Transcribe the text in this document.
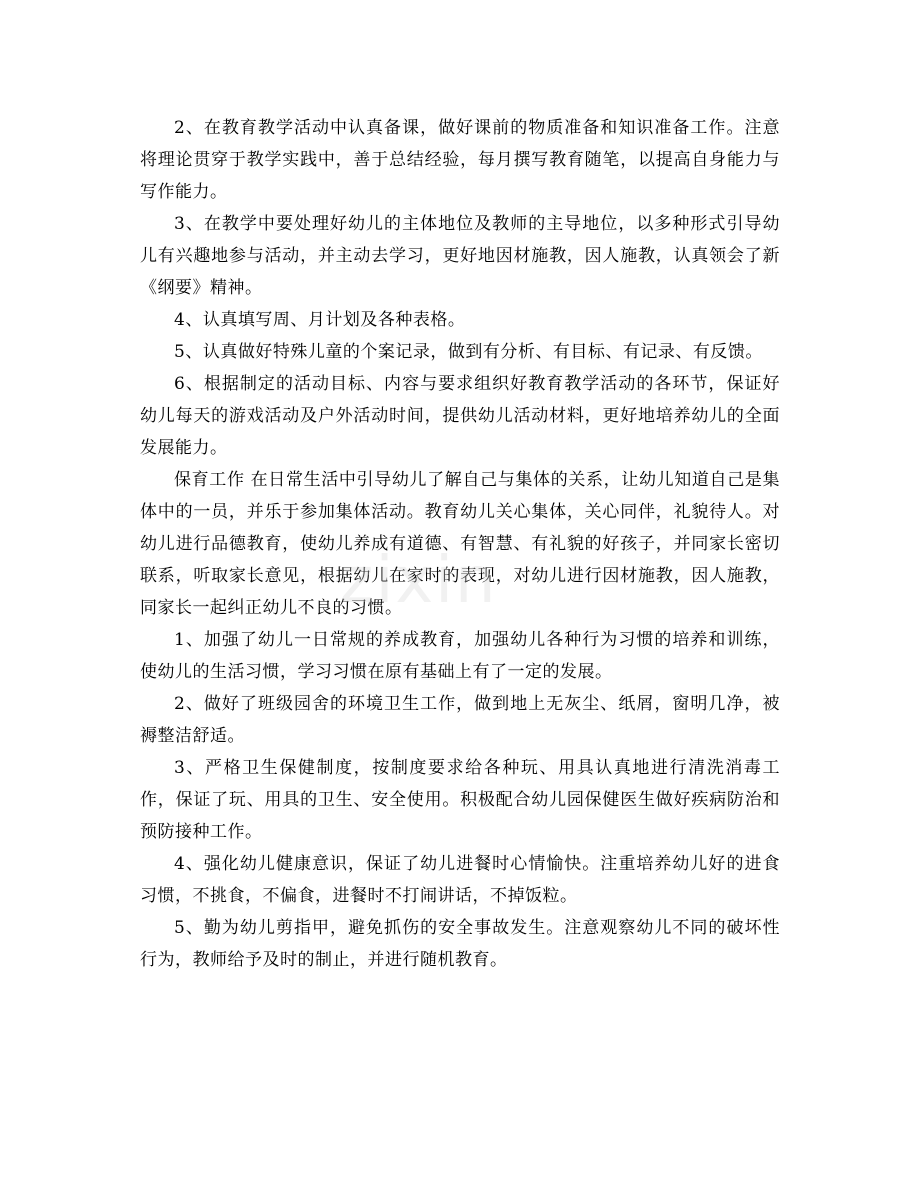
2、在教育教学活动中认真备课，做好课前的物质准备和知识准备工作。注意将理论贯穿于教学实践中，善于总结经验，每月撰写教育随笔，以提高自身能力与写作能力。

3、在教学中要处理好幼儿的主体地位及教师的主导地位，以多种形式引导幼儿有兴趣地参与活动，并主动去学习，更好地因材施教，因人施教，认真领会了新《纲要》精神。

4、认真填写周、月计划及各种表格。

5、认真做好特殊儿童的个案记录，做到有分析、有目标、有记录、有反馈。

6、根据制定的活动目标、内容与要求组织好教育教学活动的各环节，保证好幼儿每天的游戏活动及户外活动时间，提供幼儿活动材料，更好地培养幼儿的全面发展能力。

保育工作 在日常生活中引导幼儿了解自己与集体的关系，让幼儿知道自己是集体中的一员，并乐于参加集体活动。教育幼儿关心集体，关心同伴，礼貌待人。对幼儿进行品德教育，使幼儿养成有道德、有智慧、有礼貌的好孩子，并同家长密切联系，听取家长意见，根据幼儿在家时的表现，对幼儿进行因材施教，因人施教，同家长一起纠正幼儿不良的习惯。

1、加强了幼儿一日常规的养成教育，加强幼儿各种行为习惯的培养和训练，使幼儿的生活习惯，学习习惯在原有基础上有了一定的发展。

2、做好了班级园舍的环境卫生工作，做到地上无灰尘、纸屑，窗明几净，被褥整洁舒适。

3、严格卫生保健制度，按制度要求给各种玩、用具认真地进行清洗消毒工作，保证了玩、用具的卫生、安全使用。积极配合幼儿园保健医生做好疾病防治和预防接种工作。

4、强化幼儿健康意识，保证了幼儿进餐时心情愉快。注重培养幼儿好的进食习惯，不挑食，不偏食，进餐时不打闹讲话，不掉饭粒。

5、勤为幼儿剪指甲，避免抓伤的安全事故发生。注意观察幼儿不同的破坏性行为，教师给予及时的制止，并进行随机教育。

zixin
